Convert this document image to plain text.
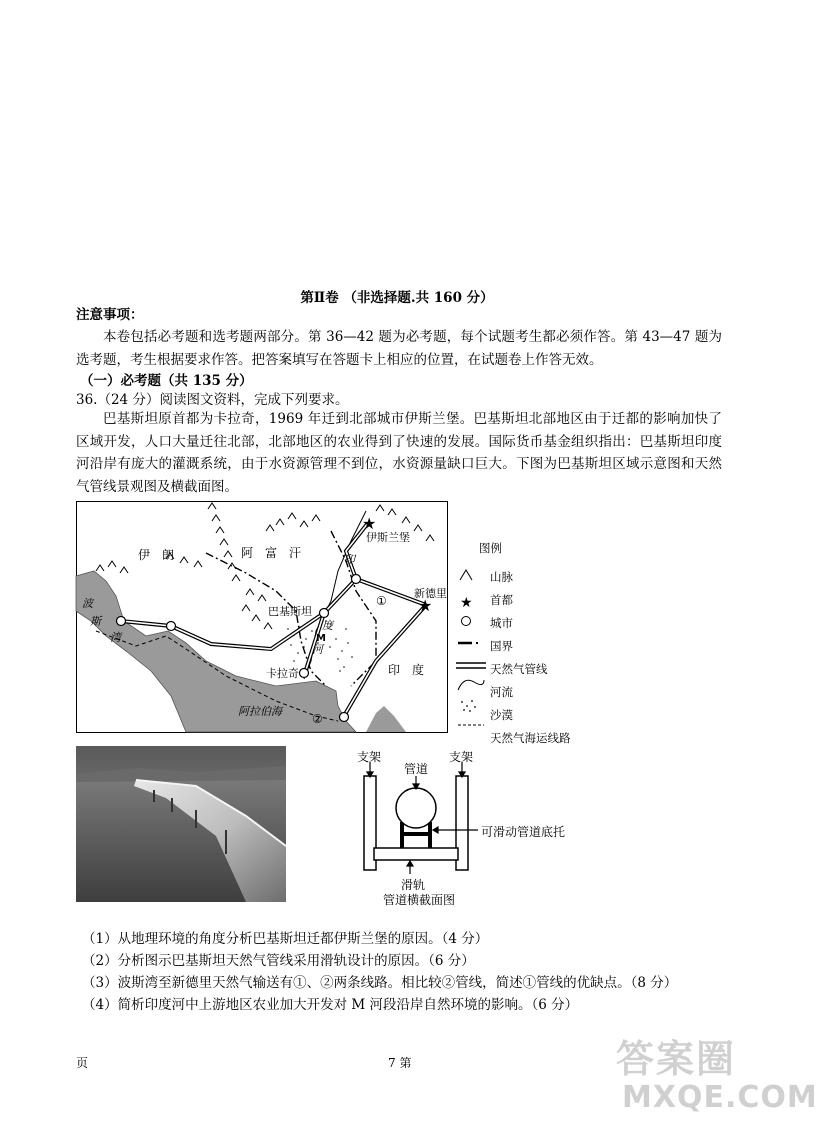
第Ⅱ卷 （非选择题.共 160 分）
注意事项：
本卷包括必考题和选考题两部分。第 36—42 题为必考题，每个试题考生都必须作答。第 43—47 题为选考题，考生根据要求作答。把答案填写在答题卡上相应的位置，在试题卷上作答无效。
（一）必考题（共 135 分）
36.（24 分）阅读图文资料，完成下列要求。
巴基斯坦原首都为卡拉奇，1969 年迁到北部城市伊斯兰堡。巴基斯坦北部地区由于迁都的影响加快了区域开发，人口大量迁往北部，北部地区的农业得到了快速的发展。国际货币基金组织指出：巴基斯坦印度河沿岸有庞大的灌溉系统，由于水资源管理不到位，水资源量缺口巨大。下图为巴基斯坦区域示意图和天然气管线景观图及横截面图。
★
★
伊　朗	阿　富　汗
印　度
印
度
河
波
斯
湾
阿拉伯海
伊斯兰堡
新德里
巴基斯坦
卡拉奇
M
①
②
图例
★
山脉
首都
城市
国界
天然气管线
河流
沙漠
天然气海运线路
支架	支架
管道
可滑动管道底托
滑轨
管道横截面图
（1）从地理环境的角度分析巴基斯坦迁都伊斯兰堡的原因。（4 分）
（2）分析图示巴基斯坦天然气管线采用滑轨设计的原因。（6 分）
（3）波斯湾至新德里天然气输送有①、②两条线路。相比较②管线，简述①管线的优缺点。（8 分）
（4）简析印度河中上游地区农业加大开发对 M 河段沿岸自然环境的影响。（6 分）
页	7 第	答案圈
MXQE.COM
